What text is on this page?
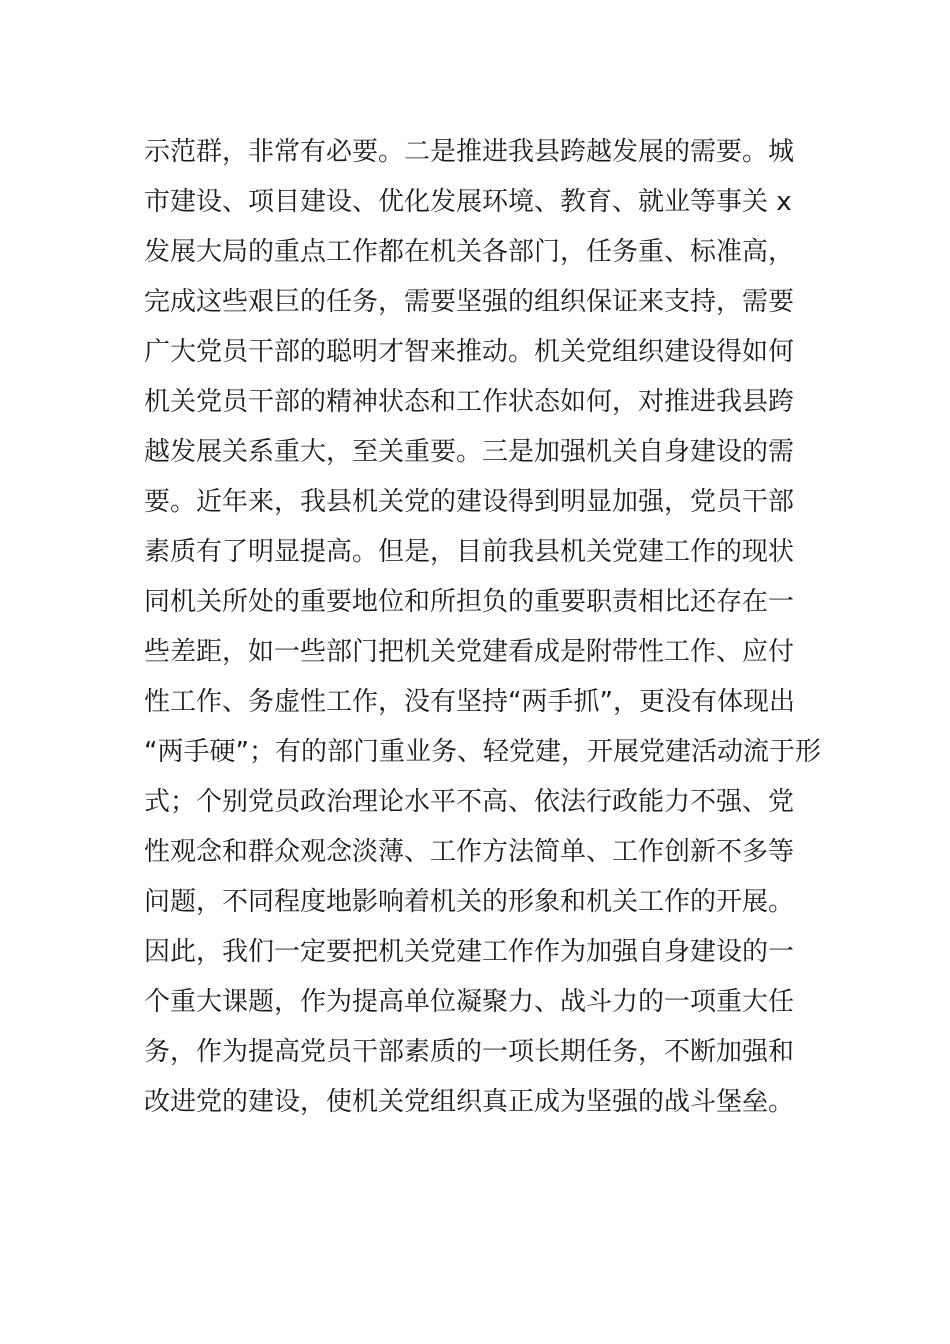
示范群，非常有必要。二是推进我县跨越发展的需要。城
市建设、项目建设、优化发展环境、教育、就业等事关 x
发展大局的重点工作都在机关各部门，任务重、标准高，
完成这些艰巨的任务，需要坚强的组织保证来支持，需要
广大党员干部的聪明才智来推动。机关党组织建设得如何
机关党员干部的精神状态和工作状态如何，对推进我县跨
越发展关系重大，至关重要。三是加强机关自身建设的需
要。近年来，我县机关党的建设得到明显加强，党员干部
素质有了明显提高。但是，目前我县机关党建工作的现状
同机关所处的重要地位和所担负的重要职责相比还存在一
些差距，如一些部门把机关党建看成是附带性工作、应付
性工作、务虚性工作，没有坚持“两手抓”，更没有体现出
“两手硬”；有的部门重业务、轻党建，开展党建活动流于形
式；个别党员政治理论水平不高、依法行政能力不强、党
性观念和群众观念淡薄、工作方法简单、工作创新不多等
问题，不同程度地影响着机关的形象和机关工作的开展。
因此，我们一定要把机关党建工作作为加强自身建设的一
个重大课题，作为提高单位凝聚力、战斗力的一项重大任
务，作为提高党员干部素质的一项长期任务，不断加强和
改进党的建设，使机关党组织真正成为坚强的战斗堡垒。
